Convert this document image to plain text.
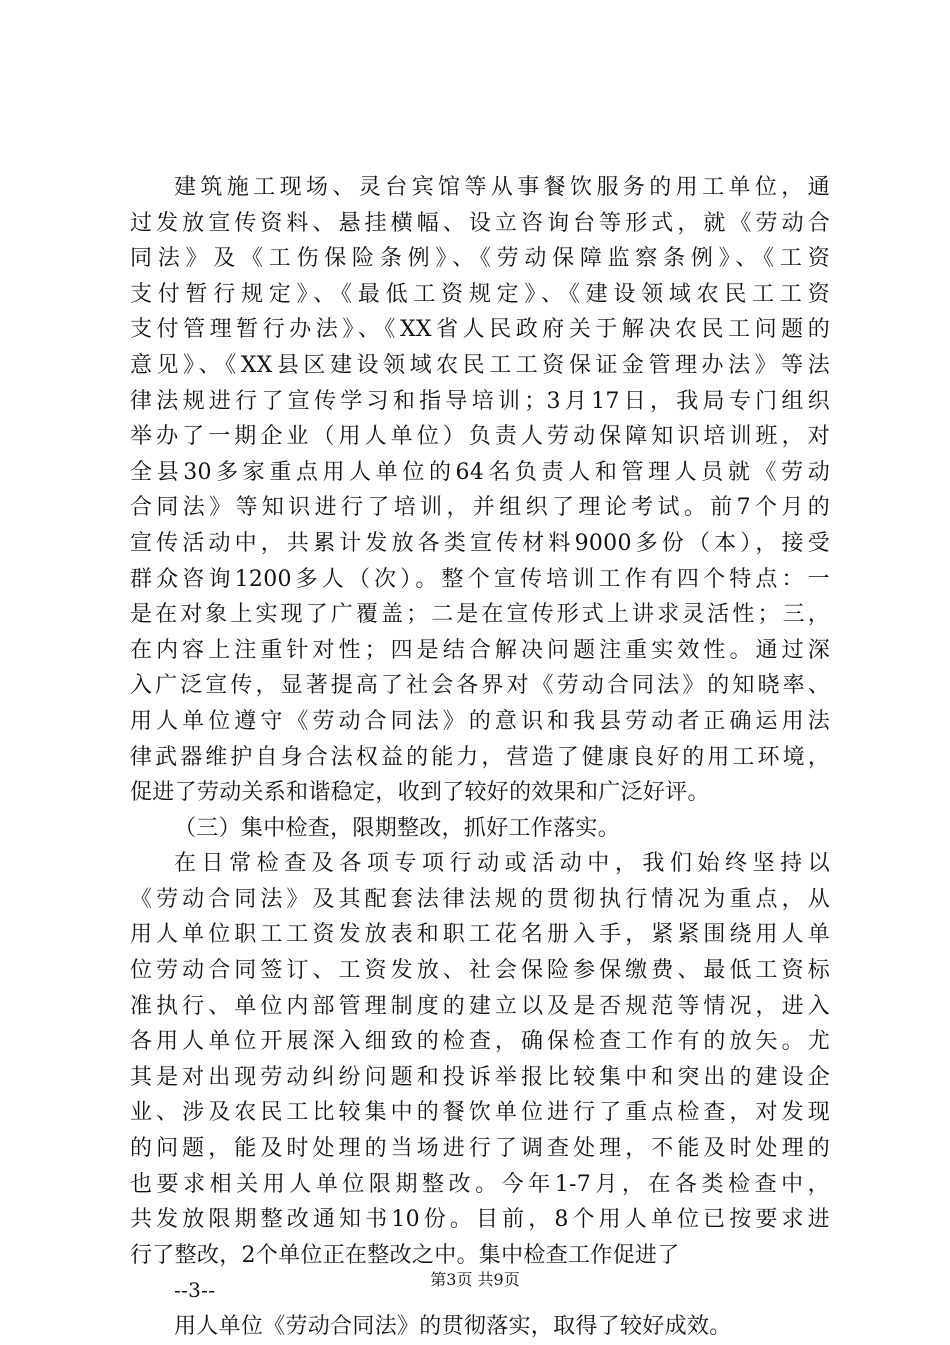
建筑施工现场、灵台宾馆等从事餐饮服务的用工单位，通
过发放宣传资料、悬挂横幅、设立咨询台等形式，就《劳动合
同法》及《工伤保险条例》、《劳动保障监察条例》、《工资
支付暂行规定》、《最低工资规定》、《建设领域农民工工资
支付管理暂行办法》、《XX省人民政府关于解决农民工问题的
意见》、《XX县区建设领域农民工工资保证金管理办法》等法
律法规进行了宣传学习和指导培训；3月17日，我局专门组织
举办了一期企业（用人单位）负责人劳动保障知识培训班，对
全县30多家重点用人单位的64名负责人和管理人员就《劳动
合同法》等知识进行了培训，并组织了理论考试。前7个月的
宣传活动中，共累计发放各类宣传材料9000多份（本），接受
群众咨询1200多人（次）。整个宣传培训工作有四个特点：一
是在对象上实现了广覆盖；二是在宣传形式上讲求灵活性；三，
在内容上注重针对性；四是结合解决问题注重实效性。通过深
入广泛宣传，显著提高了社会各界对《劳动合同法》的知晓率、
用人单位遵守《劳动合同法》的意识和我县劳动者正确运用法
律武器维护自身合法权益的能力，营造了健康良好的用工环境，
促进了劳动关系和谐稳定，收到了较好的效果和广泛好评。
（三）集中检查，限期整改，抓好工作落实。
在日常检查及各项专项行动或活动中，我们始终坚持以
《劳动合同法》及其配套法律法规的贯彻执行情况为重点，从
用人单位职工工资发放表和职工花名册入手，紧紧围绕用人单
位劳动合同签订、工资发放、社会保险参保缴费、最低工资标
准执行、单位内部管理制度的建立以及是否规范等情况，进入
各用人单位开展深入细致的检查，确保检查工作有的放矢。尤
其是对出现劳动纠纷问题和投诉举报比较集中和突出的建设企
业、涉及农民工比较集中的餐饮单位进行了重点检查，对发现
的问题，能及时处理的当场进行了调查处理，不能及时处理的
也要求相关用人单位限期整改。今年1-7月，在各类检查中，
共发放限期整改通知书10份。目前，8个用人单位已按要求进
行了整改，2个单位正在整改之中。集中检查工作促进了
--3--
用人单位《劳动合同法》的贯彻落实，取得了较好成效。
第3页 共9页
